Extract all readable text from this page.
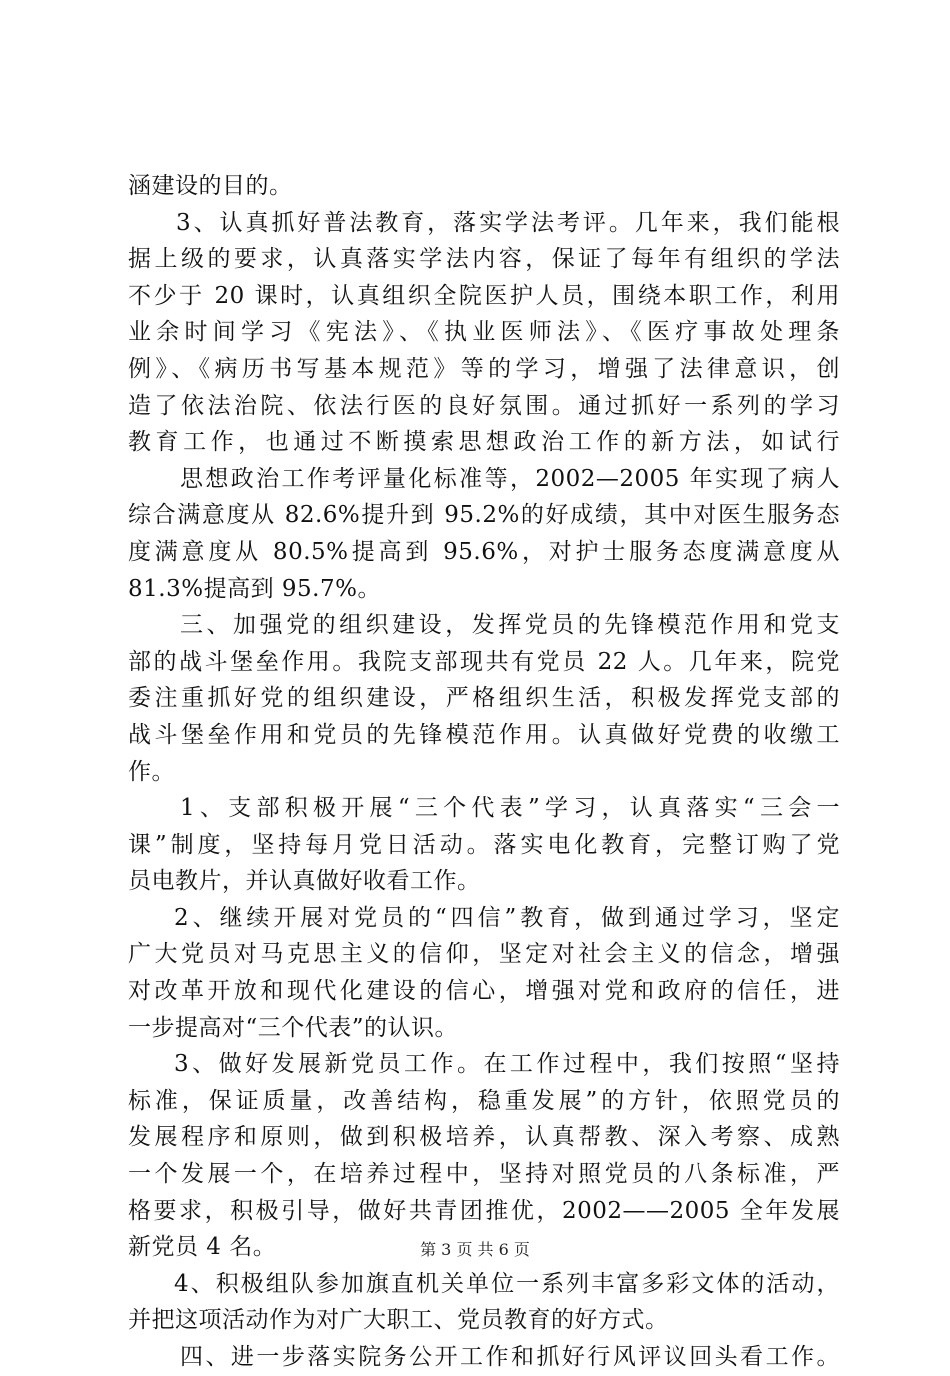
涵建设的目的。
3、认真抓好普法教育，落实学法考评。几年来，我们能根
据上级的要求，认真落实学法内容，保证了每年有组织的学法
不少于 20 课时，认真组织全院医护人员，围绕本职工作，利用
业余时间学习《宪法》、《执业医师法》、《医疗事故处理条
例》、《病历书写基本规范》等的学习，增强了法律意识，创
造了依法治院、依法行医的良好氛围。通过抓好一系列的学习
教育工作，也通过不断摸索思想政治工作的新方法，如试行
思想政治工作考评量化标准等，2002—2005 年实现了病人
综合满意度从 82.6%提升到 95.2%的好成绩，其中对医生服务态
度满意度从 80.5%提高到 95.6%，对护士服务态度满意度从
81.3%提高到 95.7%。
三、加强党的组织建设，发挥党员的先锋模范作用和党支
部的战斗堡垒作用。我院支部现共有党员 22 人。几年来，院党
委注重抓好党的组织建设，严格组织生活，积极发挥党支部的
战斗堡垒作用和党员的先锋模范作用。认真做好党费的收缴工
作。
1、支部积极开展“三个代表”学习，认真落实“三会一
课”制度，坚持每月党日活动。落实电化教育，完整订购了党
员电教片，并认真做好收看工作。
2、继续开展对党员的“四信”教育，做到通过学习，坚定
广大党员对马克思主义的信仰，坚定对社会主义的信念，增强
对改革开放和现代化建设的信心，增强对党和政府的信任，进
一步提高对“三个代表”的认识。
3、做好发展新党员工作。在工作过程中，我们按照“坚持
标准，保证质量，改善结构，稳重发展”的方针，依照党员的
发展程序和原则，做到积极培养，认真帮教、深入考察、成熟
一个发展一个，在培养过程中，坚持对照党员的八条标准，严
格要求，积极引导，做好共青团推优，2002——2005 全年发展
新党员 4 名。
4、积极组队参加旗直机关单位一系列丰富多彩文体的活动，
并把这项活动作为对广大职工、党员教育的好方式。
四、进一步落实院务公开工作和抓好行风评议回头看工作。
第 3 页 共 6 页
